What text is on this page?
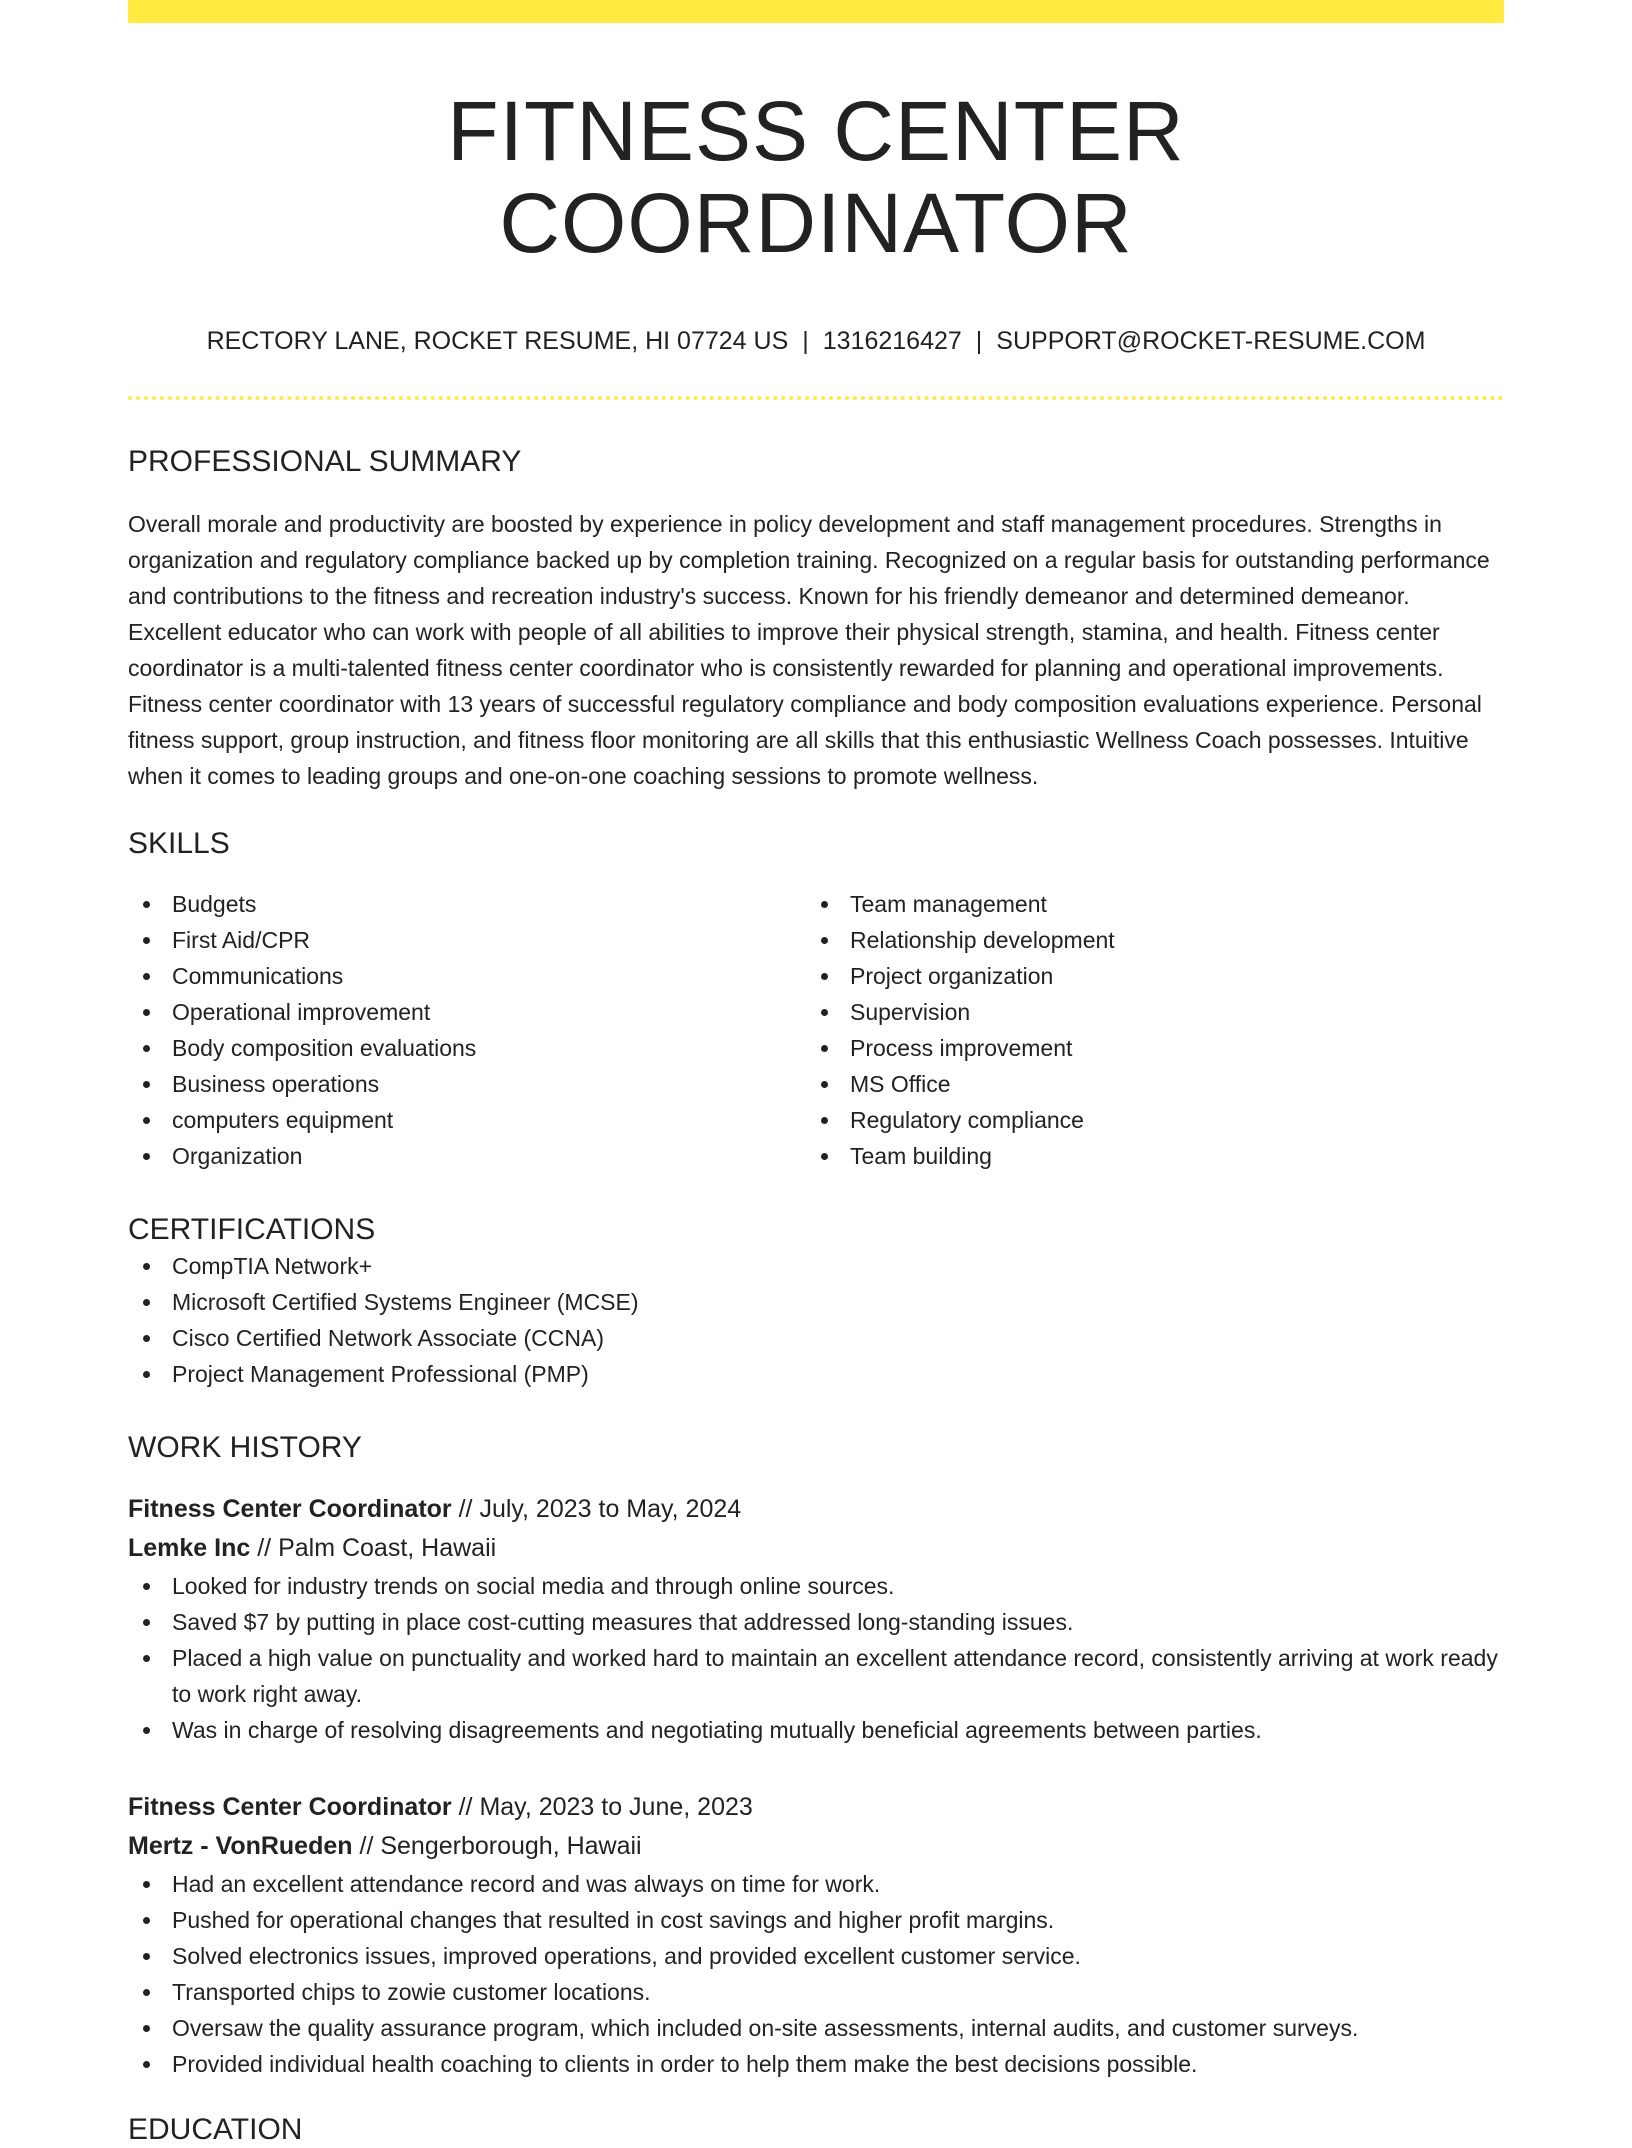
FITNESS CENTER COORDINATOR
RECTORY LANE, ROCKET RESUME, HI 07724 US | 1316216427 | SUPPORT@ROCKET-RESUME.COM
PROFESSIONAL SUMMARY

Overall morale and productivity are boosted by experience in policy development and staff management procedures. Strengths in organization and regulatory compliance backed up by completion training. Recognized on a regular basis for outstanding performance and contributions to the fitness and recreation industry's success. Known for his friendly demeanor and determined demeanor. Excellent educator who can work with people of all abilities to improve their physical strength, stamina, and health. Fitness center coordinator is a multi-talented fitness center coordinator who is consistently rewarded for planning and operational improvements. Fitness center coordinator with 13 years of successful regulatory compliance and body composition evaluations experience. Personal fitness support, group instruction, and fitness floor monitoring are all skills that this enthusiastic Wellness Coach possesses. Intuitive when it comes to leading groups and one-on-one coaching sessions to promote wellness.

SKILLS
Budgets
First Aid/CPR
Communications
Operational improvement
Body composition evaluations
Business operations
computers equipment
Organization
Team management
Relationship development
Project organization
Supervision
Process improvement
MS Office
Regulatory compliance
Team building
CERTIFICATIONS
CompTIA Network+
Microsoft Certified Systems Engineer (MCSE)
Cisco Certified Network Associate (CCNA)
Project Management Professional (PMP)
WORK HISTORY
Fitness Center Coordinator // July, 2023 to May, 2024
Lemke Inc // Palm Coast, Hawaii
Looked for industry trends on social media and through online sources.
Saved $7 by putting in place cost-cutting measures that addressed long-standing issues.
Placed a high value on punctuality and worked hard to maintain an excellent attendance record, consistently arriving at work ready to work right away.
Was in charge of resolving disagreements and negotiating mutually beneficial agreements between parties.
Fitness Center Coordinator // May, 2023 to June, 2023
Mertz - VonRueden // Sengerborough, Hawaii
Had an excellent attendance record and was always on time for work.
Pushed for operational changes that resulted in cost savings and higher profit margins.
Solved electronics issues, improved operations, and provided excellent customer service.
Transported chips to zowie customer locations.
Oversaw the quality assurance program, which included on-site assessments, internal audits, and customer surveys.
Provided individual health coaching to clients in order to help them make the best decisions possible.
EDUCATION
